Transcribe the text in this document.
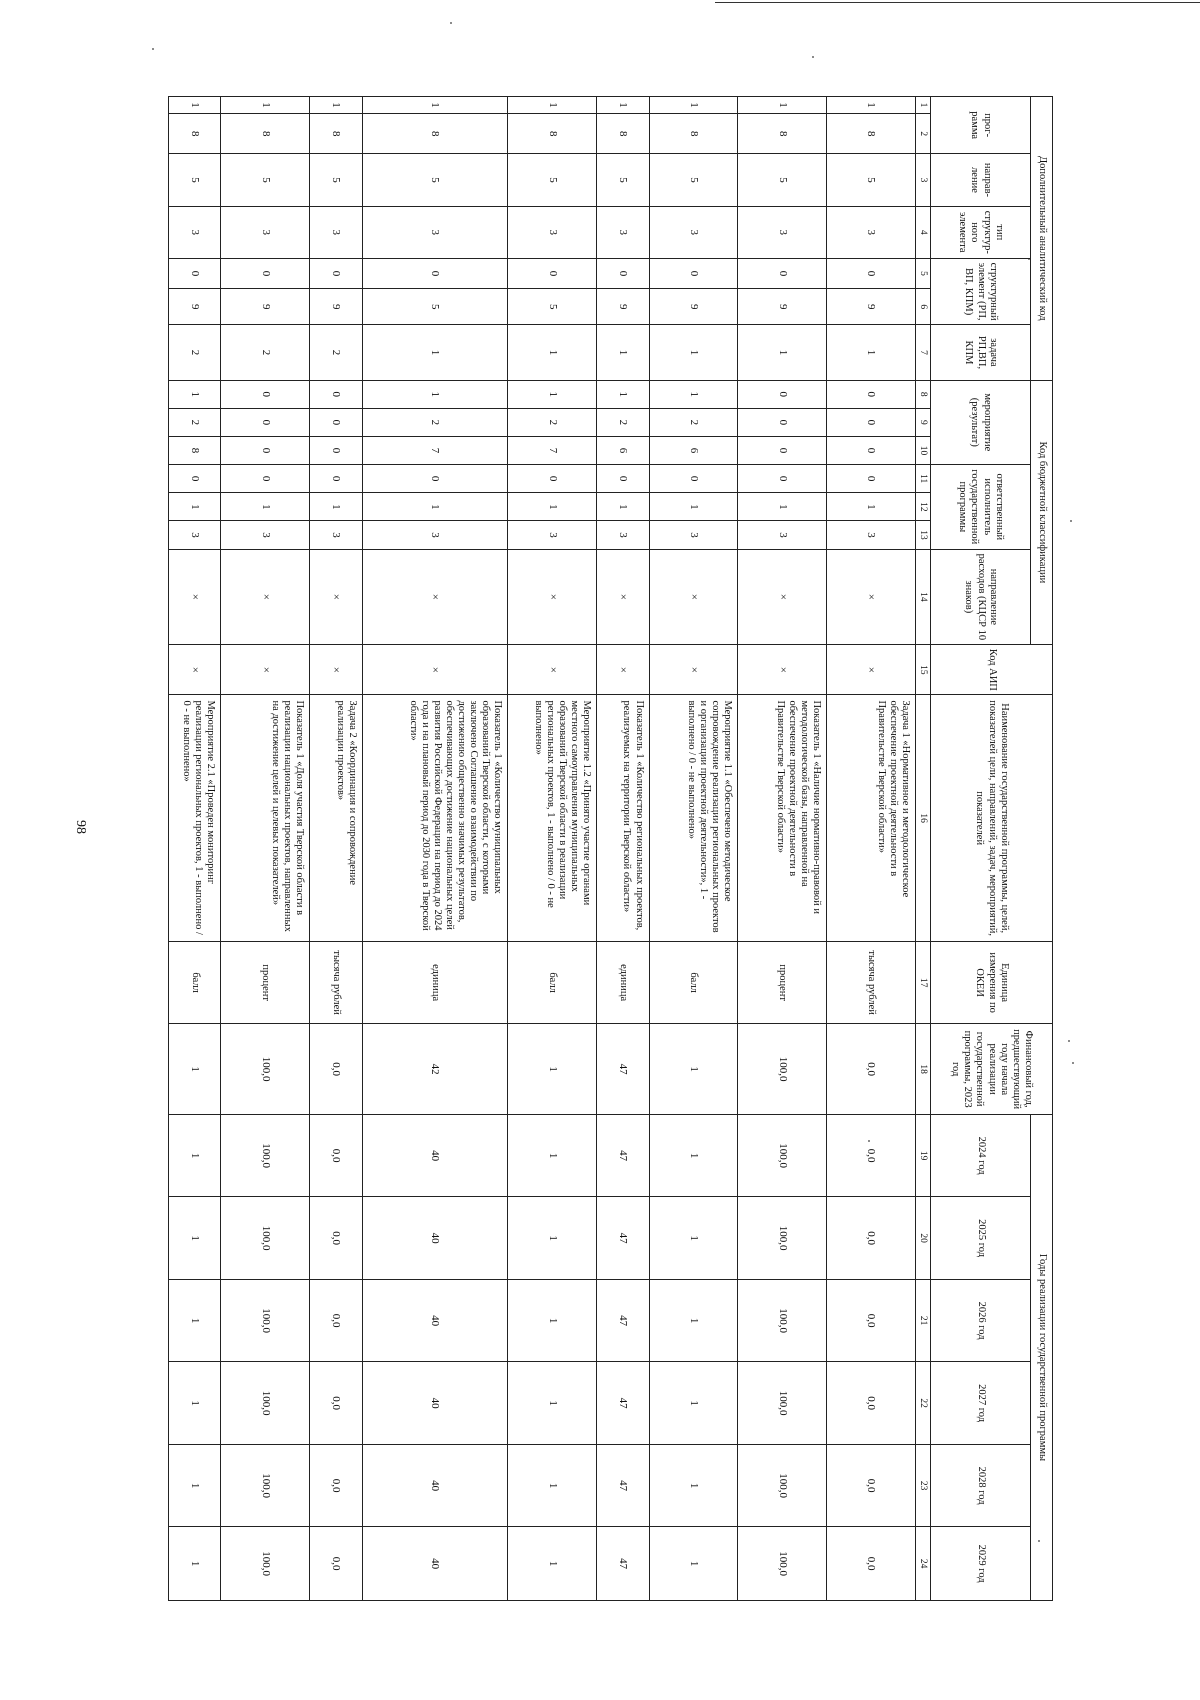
98
Дополнительный аналитический код							Код бюджетной классификации							Код АИП	Наименование государственной программы, целей, показателей цели, направлений, задач, мероприятий, показателей	Единица измерения по ОКЕИ	Финансовый год, предшествующий году начала реализации государственной программы, 2023 год	Годы реализации государственной программы					
прог-рамма		направ-ление	тип структур-ного элемента	структурный элемент (РП, ВП, КПМ)		задача РП,ВП, КПМ	мероприятие (результат)			ответственный исполнитель государственной программы			направление расходов (КЦСР 10 знаков)					2024 год	2025 год	2026 год	2027 год	2028 год	2029 год
1	2	3	4	5	6	7	8	9	10	11	12	13	14	15	16	17	18	19	20	21	22	23	24
1	8	5	3	0	9	1	0	0	0	0	1	3	×	×	Задача 1 «Нормативное и методологическое обеспечение проектной деятельности в Правительстве Тверской области»	тысяча рублей	0,0	0,0	0,0	0,0	0,0	0,0	0,0
1	8	5	3	0	9	1	0	0	0	0	1	3	×	×	Показатель 1 «Наличие нормативно-правовой и методологической базы, направленной на обеспечение проектной деятельности в Правительстве Тверской области»	процент	100,0	100,0	100,0	100,0	100,0	100,0	100,0
1	8	5	3	0	9	1	1	2	6	0	1	3	×	×	Мероприятие 1.1 «Обеспечено методическое сопровождение реализации региональных проектов и организации проектной деятельности», 1 - выполнено / 0 - не выполнено»	балл	1	1	1	1	1	1	1
1	8	5	3	0	9	1	1	2	6	0	1	3	×	×	Показатель 1 «Количество региональных проектов, реализуемых на территории Тверской области»	единица	47	47	47	47	47	47	47
1	8	5	3	0	5	1	1	2	7	0	1	3	×	×	Мероприятие 1.2 «Принято участие органами местного самоуправления муниципальных образований Тверской области в реализации региональных проектов, 1 - выполнено / 0 - не выполнено»	балл	1	1	1	1	1	1	1
1	8	5	3	0	5	1	1	2	7	0	1	3	×	×	Показатель 1 «Количество муниципальных образований Тверской области, с которыми заключено Соглашение о взаимодействии по достижению общественно значимых результатов, обеспечивающих достижение национальных целей развития Российской Федерации на период до 2024 года и на плановый период до 2030 года в Тверской области»	единица	42	40	40	40	40	40	40
1	8	5	3	0	9	2	0	0	0	0	1	3	×	×	Задача 2 «Координация и сопровождение реализации проектов»	тысяча рублей	0,0	0,0	0,0	0,0	0,0	0,0	0,0
1	8	5	3	0	9	2	0	0	0	0	1	3	×	×	Показатель 1 «Доля участия Тверской области в реализации национальных проектов, направленных на достижение целей и целевых показателей»	процент	100,0	100,0	100,0	100,0	100,0	100,0	100,0
1	8	5	3	0	9	2	1	2	8	0	1	3	×	×	Мероприятие 2.1 «Проведен мониторинг реализации региональных проектов, 1 - выполнено / 0 - не выполнено»	балл	1	1	1	1	1	1	1
